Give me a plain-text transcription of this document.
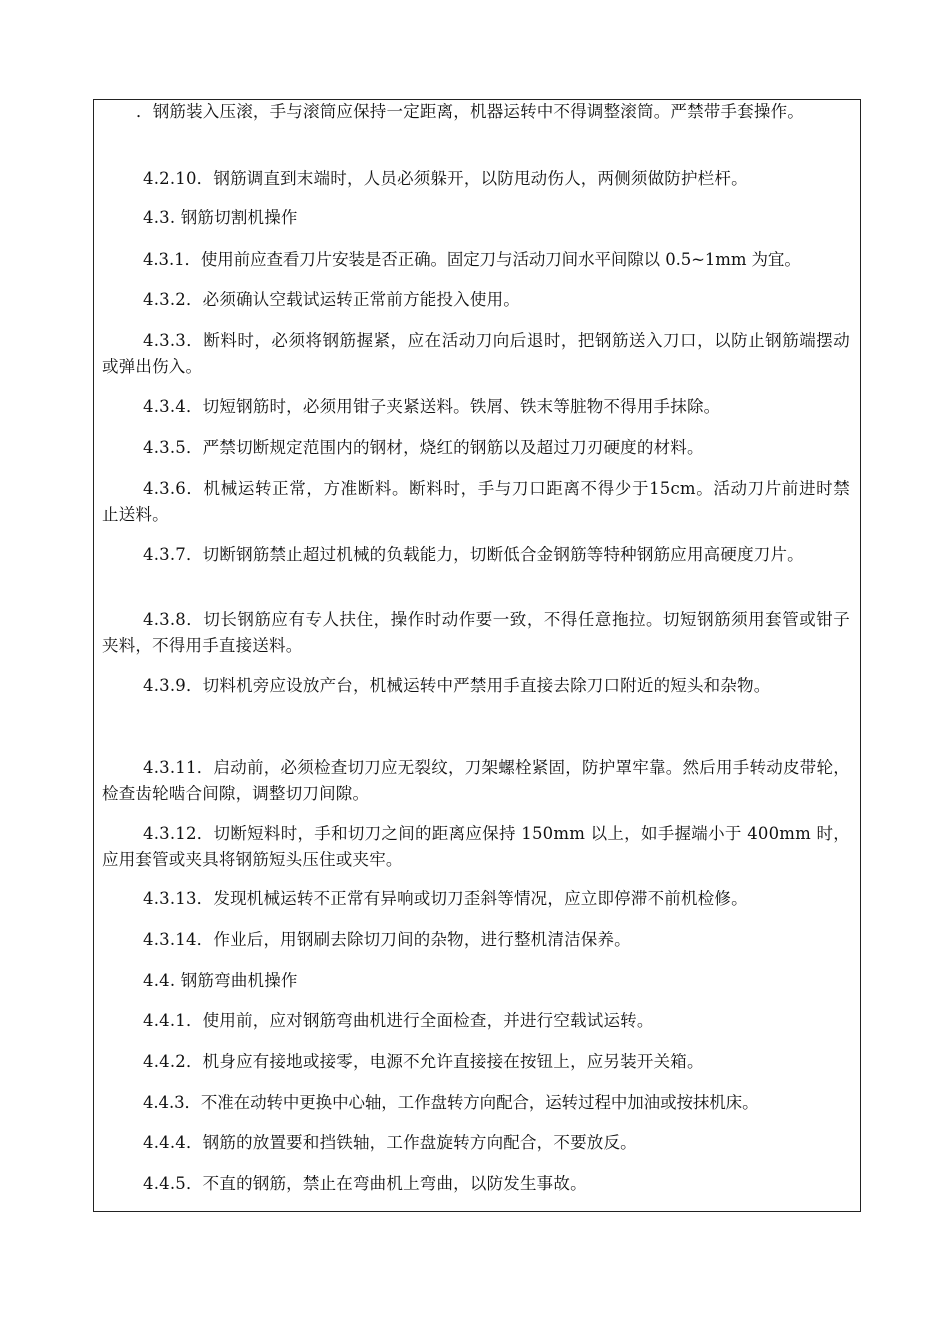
．钢筋装入压滚，手与滚筒应保持一定距离，机器运转中不得调整滚筒。严禁带手套操作。

4.2.10．钢筋调直到末端时，人员必须躲开，以防甩动伤人，两侧须做防护栏杆。

4.3. 钢筋切割机操作

4.3.1．使用前应查看刀片安装是否正确。固定刀与活动刀间水平间隙以 0.5~1mm 为宜。

4.3.2．必须确认空载试运转正常前方能投入使用。

4.3.3．断料时，必须将钢筋握紧，应在活动刀向后退时，把钢筋送入刀口，以防止钢筋端摆动或弹出伤入。

4.3.4．切短钢筋时，必须用钳子夹紧送料。铁屑、铁末等脏物不得用手抹除。

4.3.5．严禁切断规定范围内的钢材，烧红的钢筋以及超过刀刃硬度的材料。

4.3.6．机械运转正常，方准断料。断料时，手与刀口距离不得少于15cm。活动刀片前进时禁止送料。

4.3.7．切断钢筋禁止超过机械的负载能力，切断低合金钢筋等特种钢筋应用高硬度刀片。

4.3.8．切长钢筋应有专人扶住，操作时动作要一致，不得任意拖拉。切短钢筋须用套管或钳子夹料，不得用手直接送料。

4.3.9．切料机旁应设放产台，机械运转中严禁用手直接去除刀口附近的短头和杂物。

4.3.11．启动前，必须检查切刀应无裂纹，刀架螺栓紧固，防护罩牢靠。然后用手转动皮带轮，检查齿轮啮合间隙，调整切刀间隙。

4.3.12．切断短料时，手和切刀之间的距离应保持 150mm 以上，如手握端小于 400mm 时，应用套管或夹具将钢筋短头压住或夹牢。

4.3.13．发现机械运转不正常有异响或切刀歪斜等情况，应立即停滞不前机检修。

4.3.14．作业后，用钢刷去除切刀间的杂物，进行整机清洁保养。

4.4. 钢筋弯曲机操作

4.4.1．使用前，应对钢筋弯曲机进行全面检查，并进行空载试运转。

4.4.2．机身应有接地或接零，电源不允许直接接在按钮上，应另装开关箱。

4.4.3．不准在动转中更换中心轴，工作盘转方向配合，运转过程中加油或按抹机床。

4.4.4．钢筋的放置要和挡铁轴，工作盘旋转方向配合，不要放反。

4.4.5．不直的钢筋，禁止在弯曲机上弯曲，以防发生事故。
